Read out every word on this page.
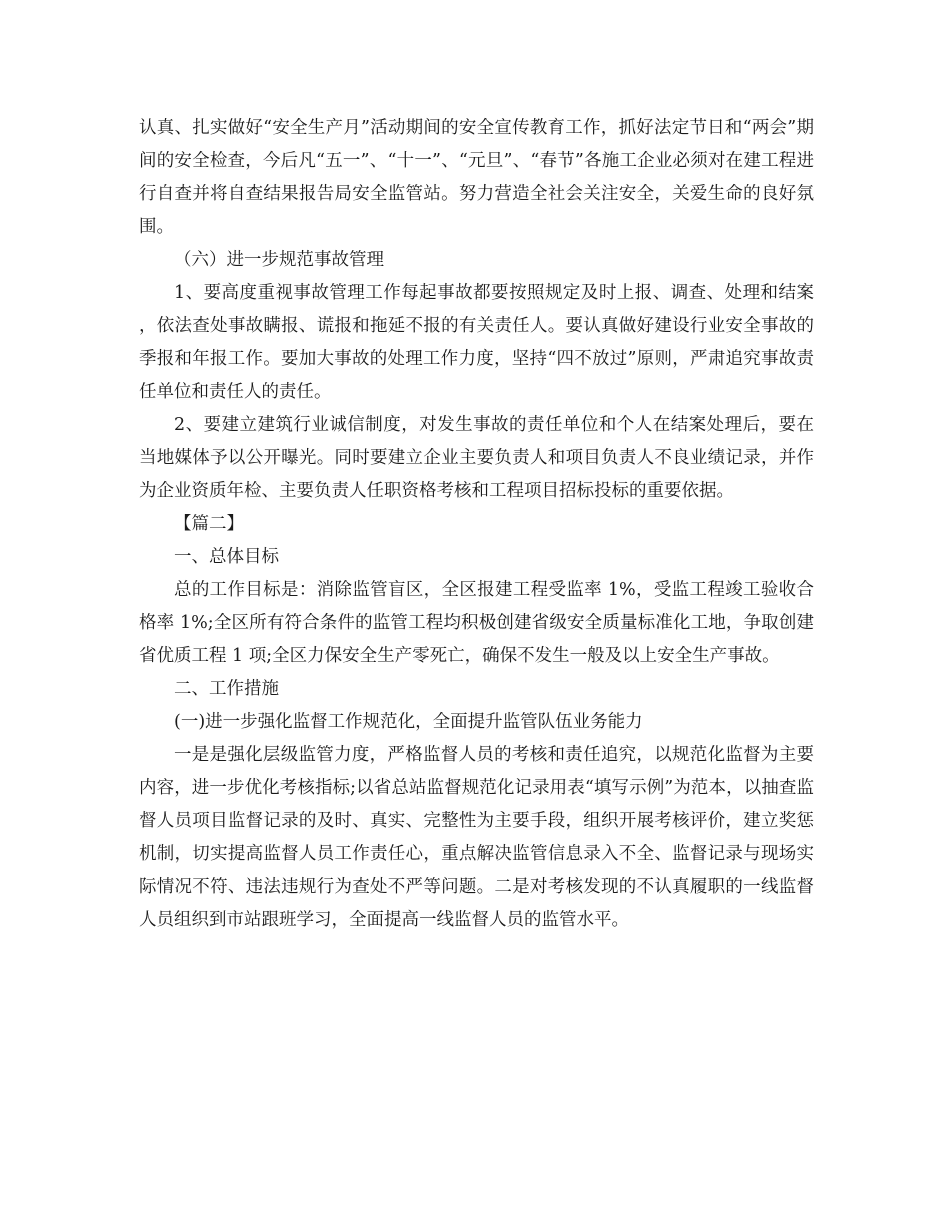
认真、扎实做好“安全生产月”活动期间的安全宣传教育工作，抓好法定节日和“两会”期间的安全检查，今后凡“五一”、“十一”、“元旦”、“春节”各施工企业必须对在建工程进行自查并将自查结果报告局安全监管站。努力营造全社会关注安全，关爱生命的良好氛围。

（六）进一步规范事故管理

1、要高度重视事故管理工作每起事故都要按照规定及时上报、调查、处理和结案，依法查处事故瞒报、谎报和拖延不报的有关责任人。要认真做好建设行业安全事故的季报和年报工作。要加大事故的处理工作力度，坚持“四不放过”原则，严肃追究事故责任单位和责任人的责任。

2、要建立建筑行业诚信制度，对发生事故的责任单位和个人在结案处理后，要在当地媒体予以公开曝光。同时要建立企业主要负责人和项目负责人不良业绩记录，并作为企业资质年检、主要负责人任职资格考核和工程项目招标投标的重要依据。

【篇二】

一、总体目标

总的工作目标是：消除监管盲区，全区报建工程受监率 1%，受监工程竣工验收合格率 1%;全区所有符合条件的监管工程均积极创建省级安全质量标准化工地，争取创建省优质工程 1 项;全区力保安全生产零死亡，确保不发生一般及以上安全生产事故。

二、工作措施

(一)进一步强化监督工作规范化，全面提升监管队伍业务能力

一是是强化层级监管力度，严格监督人员的考核和责任追究，以规范化监督为主要内容，进一步优化考核指标;以省总站监督规范化记录用表“填写示例”为范本，以抽查监督人员项目监督记录的及时、真实、完整性为主要手段，组织开展考核评价，建立奖惩机制，切实提高监督人员工作责任心，重点解决监管信息录入不全、监督记录与现场实际情况不符、违法违规行为查处不严等问题。二是对考核发现的不认真履职的一线监督人员组织到市站跟班学习，全面提高一线监督人员的监管水平。
